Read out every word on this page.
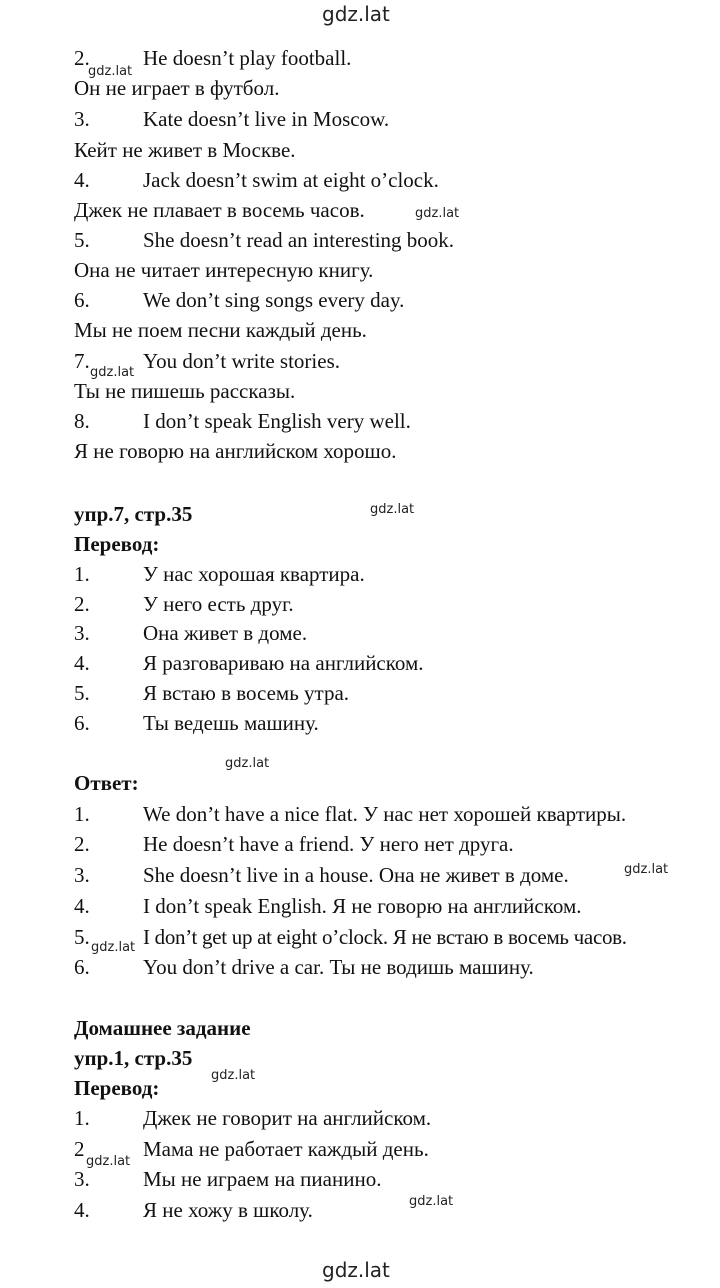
gdz.lat
gdz.lat
gdz.lat
gdz.lat
gdz.lat
gdz.lat
gdz.lat
gdz.lat
gdz.lat
gdz.lat
gdz.lat
gdz.lat
2.	He doesn’t play football.
Он не играет в футбол.
3.	Kate doesn’t live in Moscow.
Кейт не живет в Москве.
4.	Jack doesn’t swim at eight o’clock.
Джек не плавает в восемь часов.
5.	She doesn’t read an interesting book.
Она не читает интересную книгу.
6.	We don’t sing songs every day.
Мы не поем песни каждый день.
7.	You don’t write stories.
Ты не пишешь рассказы.
8.	I don’t speak English very well.
Я не говорю на английском хорошо.
упр.7, стр.35
Перевод:
1.	У нас хорошая квартира.
2.	У него есть друг.
3.	Она живет в доме.
4.	Я разговариваю на английском.
5.	Я встаю в восемь утра.
6.	Ты ведешь машину.
Ответ:
1.	We don’t have a nice flat. У нас нет хорошей квартиры.
2.	He doesn’t have a friend. У него нет друга.
3.	She doesn’t live in a house. Она не живет в доме.
4.	I don’t speak English. Я не говорю на английском.
5.	I don’t get up at eight o’clock. Я не встаю в восемь часов.
6.	You don’t drive a car. Ты не водишь машину.
Домашнее задание
упр.1, стр.35
Перевод:
1.	Джек не говорит на английском.
2	Мама не работает каждый день.
3.	Мы не играем на пианино.
4.	Я не хожу в школу.
